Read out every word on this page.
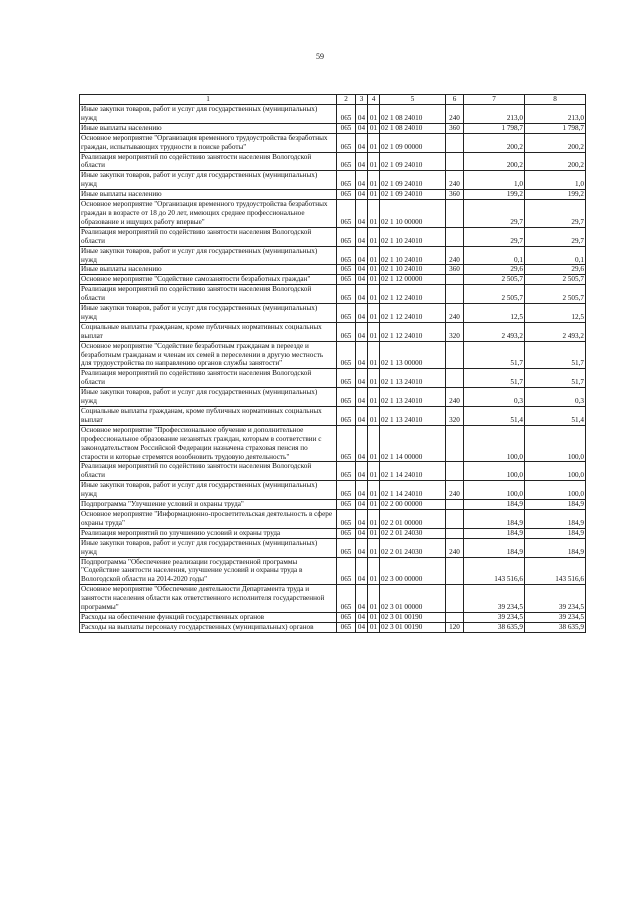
59
1	2	3	4	5	6	7	8
Иные закупки товаров, работ и услуг для государственных (муниципальных) нужд	065	04	01	02 1 08 24010	240	213,0	213,0
Иные выплаты населению	065	04	01	02 1 08 24010	360	1 798,7	1 798,7
Основное мероприятие "Организация временного трудоустройства безработных граждан, испытывающих трудности в поиске работы"	065	04	01	02 1 09 00000		200,2	200,2
Реализация мероприятий по содействию занятости населения Вологодской области	065	04	01	02 1 09 24010		200,2	200,2
Иные закупки товаров, работ и услуг для государственных (муниципальных) нужд	065	04	01	02 1 09 24010	240	1,0	1,0
Иные выплаты населению	065	04	01	02 1 09 24010	360	199,2	199,2
Основное мероприятие "Организация временного трудоустройства безработных граждан в возрасте от 18 до 20 лет, имеющих среднее профессиональное образование и ищущих работу впервые"	065	04	01	02 1 10 00000		29,7	29,7
Реализация мероприятий по содействию занятости населения Вологодской области	065	04	01	02 1 10 24010		29,7	29,7
Иные закупки товаров, работ и услуг для государственных (муниципальных) нужд	065	04	01	02 1 10 24010	240	0,1	0,1
Иные выплаты населению	065	04	01	02 1 10 24010	360	29,6	29,6
Основное мероприятие "Содействие самозанятости безработных граждан"	065	04	01	02 1 12 00000		2 505,7	2 505,7
Реализация мероприятий по содействию занятости населения Вологодской области	065	04	01	02 1 12 24010		2 505,7	2 505,7
Иные закупки товаров, работ и услуг для государственных (муниципальных) нужд	065	04	01	02 1 12 24010	240	12,5	12,5
Социальные выплаты гражданам, кроме публичных нормативных социальных выплат	065	04	01	02 1 12 24010	320	2 493,2	2 493,2
Основное мероприятие "Содействие безработным гражданам в переезде и безработным гражданам и членам их семей в переселении в другую местность для трудоустройства по направлению органов службы занятости"	065	04	01	02 1 13 00000		51,7	51,7
Реализация мероприятий по содействию занятости населения Вологодской области	065	04	01	02 1 13 24010		51,7	51,7
Иные закупки товаров, работ и услуг для государственных (муниципальных) нужд	065	04	01	02 1 13 24010	240	0,3	0,3
Социальные выплаты гражданам, кроме публичных нормативных социальных выплат	065	04	01	02 1 13 24010	320	51,4	51,4
Основное мероприятие "Профессиональное обучение и дополнительное профессиональное образование незанятых граждан, которым в соответствии с законодательством Российской Федерации назначена страховая пенсия по старости и которые стремятся возобновить трудовую деятельность"	065	04	01	02 1 14 00000		100,0	100,0
Реализация мероприятий по содействию занятости населения Вологодской области	065	04	01	02 1 14 24010		100,0	100,0
Иные закупки товаров, работ и услуг для государственных (муниципальных) нужд	065	04	01	02 1 14 24010	240	100,0	100,0
Подпрограмма "Улучшение условий и охраны труда"	065	04	01	02 2 00 00000		184,9	184,9
Основное мероприятие "Информационно-просветительская деятельность в сфере охраны труда"	065	04	01	02 2 01 00000		184,9	184,9
Реализация мероприятий по улучшению условий и охраны труда	065	04	01	02 2 01 24030		184,9	184,9
Иные закупки товаров, работ и услуг для государственных (муниципальных) нужд	065	04	01	02 2 01 24030	240	184,9	184,9
Подпрограмма "Обеспечение реализации государственной программы "Содействие занятости населения, улучшение условий и охраны труда в Вологодской области на 2014-2020 годы"	065	04	01	02 3 00 00000		143 516,6	143 516,6
Основное мероприятие "Обеспечение деятельности Департамента труда и занятости населения области как ответственного исполнителя государственной программы"	065	04	01	02 3 01 00000		39 234,5	39 234,5
Расходы на обеспечение функций государственных органов	065	04	01	02 3 01 00190		39 234,5	39 234,5
Расходы на выплаты персоналу государственных (муниципальных) органов	065	04	01	02 3 01 00190	120	38 635,9	38 635,9
